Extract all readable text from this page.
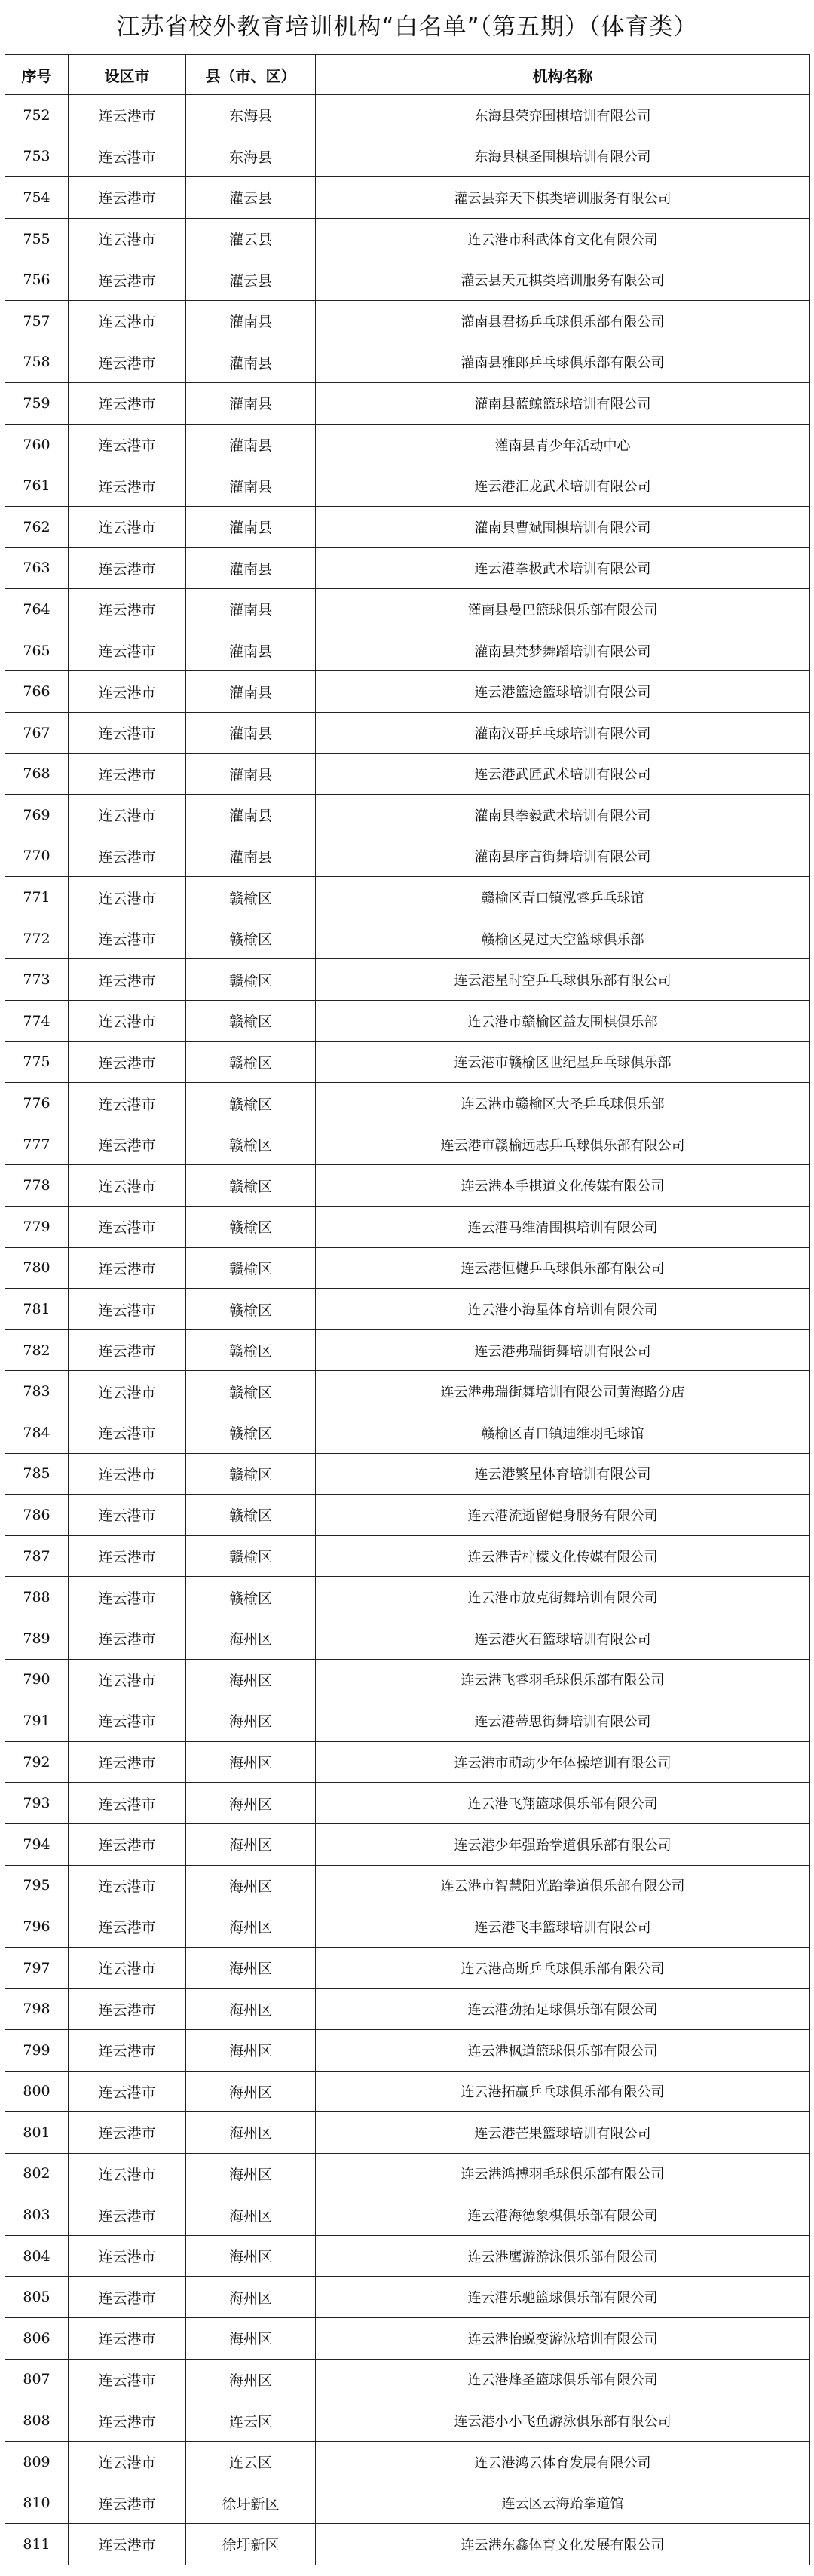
江苏省校外教育培训机构“白名单”（第五期）（体育类）
序号	设区市	县（市、区）	机构名称
752	连云港市	东海县	东海县荣弈围棋培训有限公司
753	连云港市	东海县	东海县棋圣围棋培训有限公司
754	连云港市	灌云县	灌云县弈天下棋类培训服务有限公司
755	连云港市	灌云县	连云港市科武体育文化有限公司
756	连云港市	灌云县	灌云县天元棋类培训服务有限公司
757	连云港市	灌南县	灌南县君扬乒乓球俱乐部有限公司
758	连云港市	灌南县	灌南县雅郎乒乓球俱乐部有限公司
759	连云港市	灌南县	灌南县蓝鲸篮球培训有限公司
760	连云港市	灌南县	灌南县青少年活动中心
761	连云港市	灌南县	连云港汇龙武术培训有限公司
762	连云港市	灌南县	灌南县曹斌围棋培训有限公司
763	连云港市	灌南县	连云港拳极武术培训有限公司
764	连云港市	灌南县	灌南县曼巴篮球俱乐部有限公司
765	连云港市	灌南县	灌南县梵梦舞蹈培训有限公司
766	连云港市	灌南县	连云港篮途篮球培训有限公司
767	连云港市	灌南县	灌南汉哥乒乓球培训有限公司
768	连云港市	灌南县	连云港武匠武术培训有限公司
769	连云港市	灌南县	灌南县拳毅武术培训有限公司
770	连云港市	灌南县	灌南县序言街舞培训有限公司
771	连云港市	赣榆区	赣榆区青口镇泓睿乒乓球馆
772	连云港市	赣榆区	赣榆区晃过天空篮球俱乐部
773	连云港市	赣榆区	连云港星时空乒乓球俱乐部有限公司
774	连云港市	赣榆区	连云港市赣榆区益友围棋俱乐部
775	连云港市	赣榆区	连云港市赣榆区世纪星乒乓球俱乐部
776	连云港市	赣榆区	连云港市赣榆区大圣乒乓球俱乐部
777	连云港市	赣榆区	连云港市赣榆远志乒乓球俱乐部有限公司
778	连云港市	赣榆区	连云港本手棋道文化传媒有限公司
779	连云港市	赣榆区	连云港马维清围棋培训有限公司
780	连云港市	赣榆区	连云港恒樾乒乓球俱乐部有限公司
781	连云港市	赣榆区	连云港小海星体育培训有限公司
782	连云港市	赣榆区	连云港弗瑞街舞培训有限公司
783	连云港市	赣榆区	连云港弗瑞街舞培训有限公司黄海路分店
784	连云港市	赣榆区	赣榆区青口镇迪维羽毛球馆
785	连云港市	赣榆区	连云港繁星体育培训有限公司
786	连云港市	赣榆区	连云港流逝留健身服务有限公司
787	连云港市	赣榆区	连云港青柠檬文化传媒有限公司
788	连云港市	赣榆区	连云港市放克街舞培训有限公司
789	连云港市	海州区	连云港火石篮球培训有限公司
790	连云港市	海州区	连云港飞睿羽毛球俱乐部有限公司
791	连云港市	海州区	连云港蒂思街舞培训有限公司
792	连云港市	海州区	连云港市萌动少年体操培训有限公司
793	连云港市	海州区	连云港飞翔篮球俱乐部有限公司
794	连云港市	海州区	连云港少年强跆拳道俱乐部有限公司
795	连云港市	海州区	连云港市智慧阳光跆拳道俱乐部有限公司
796	连云港市	海州区	连云港飞丰篮球培训有限公司
797	连云港市	海州区	连云港高斯乒乓球俱乐部有限公司
798	连云港市	海州区	连云港劲拓足球俱乐部有限公司
799	连云港市	海州区	连云港枫道篮球俱乐部有限公司
800	连云港市	海州区	连云港拓赢乒乓球俱乐部有限公司
801	连云港市	海州区	连云港芒果篮球培训有限公司
802	连云港市	海州区	连云港鸿搏羽毛球俱乐部有限公司
803	连云港市	海州区	连云港海德象棋俱乐部有限公司
804	连云港市	海州区	连云港鹰游游泳俱乐部有限公司
805	连云港市	海州区	连云港乐驰篮球俱乐部有限公司
806	连云港市	海州区	连云港怡蜕变游泳培训有限公司
807	连云港市	海州区	连云港烽圣篮球俱乐部有限公司
808	连云港市	连云区	连云港小小飞鱼游泳俱乐部有限公司
809	连云港市	连云区	连云港鸿云体育发展有限公司
810	连云港市	徐圩新区	连云区云海跆拳道馆
811	连云港市	徐圩新区	连云港东鑫体育文化发展有限公司
